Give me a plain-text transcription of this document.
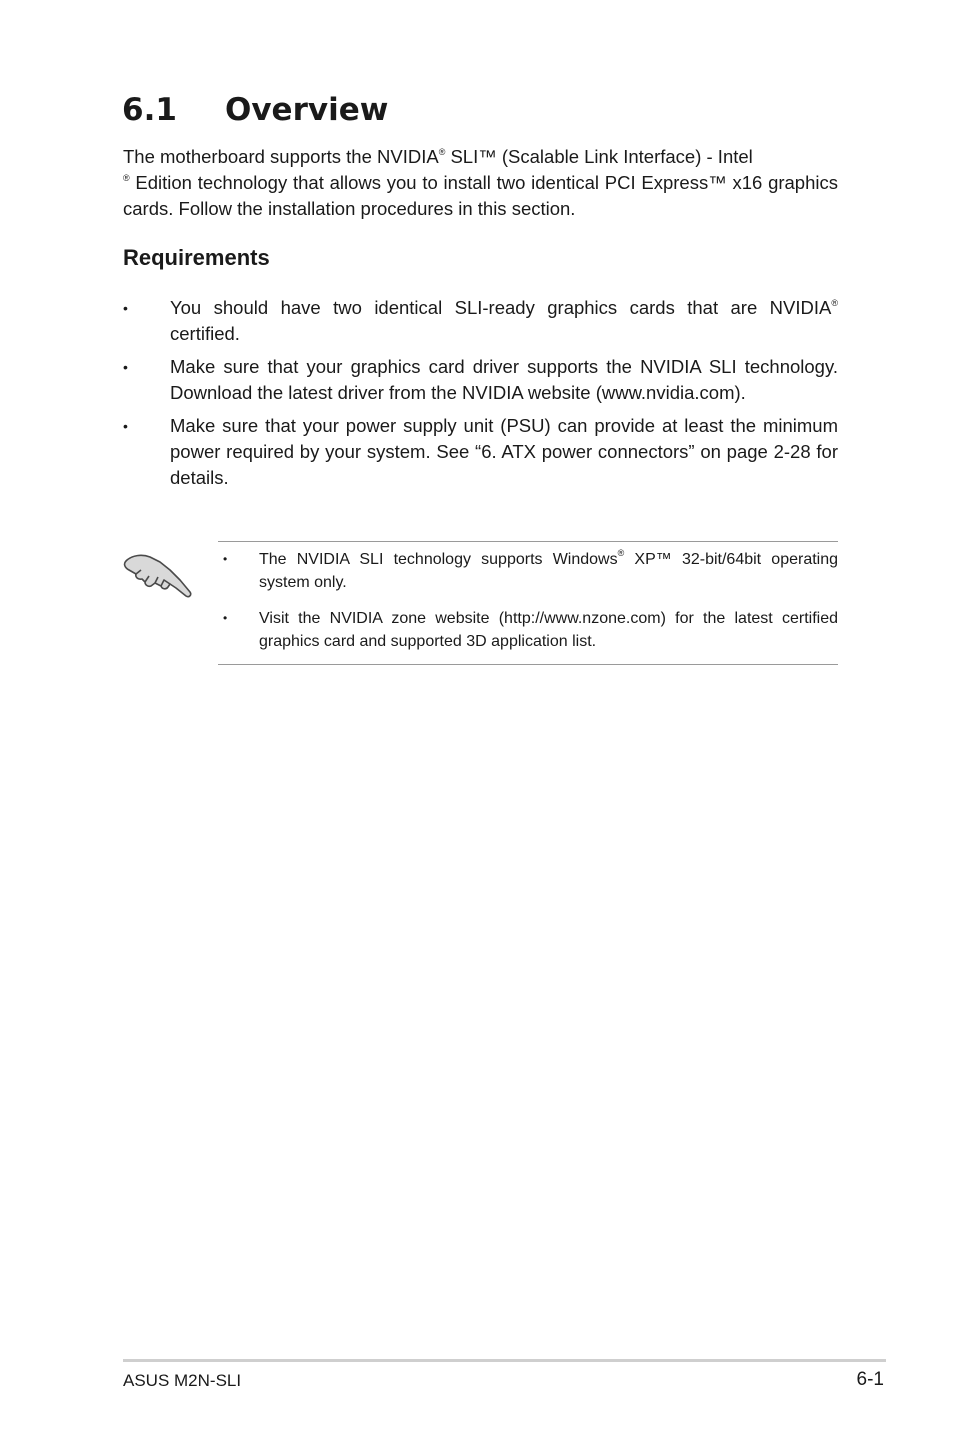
6.1 Overview

The motherboard supports the NVIDIA® SLI™ (Scalable Link Interface) - Intel
® Edition technology that allows you to install two identical PCI Express™ x16 graphics cards. Follow the installation procedures in this section.

Requirements
• You should have two identical SLI-ready graphics cards that are NVIDIA® certified.
• Make sure that your graphics card driver supports the NVIDIA SLI technology. Download the latest driver from the NVIDIA website (www.nvidia.com).
• Make sure that your power supply unit (PSU) can provide at least the minimum power required by your system. See “6. ATX power connectors” on page 2-28 for details.
• The NVIDIA SLI technology supports Windows® XP™ 32-bit/64bit operating system only.
• Visit the NVIDIA zone website (http://www.nzone.com) for the latest certified graphics card and supported 3D application list.
ASUS M2N-SLI	6-1
